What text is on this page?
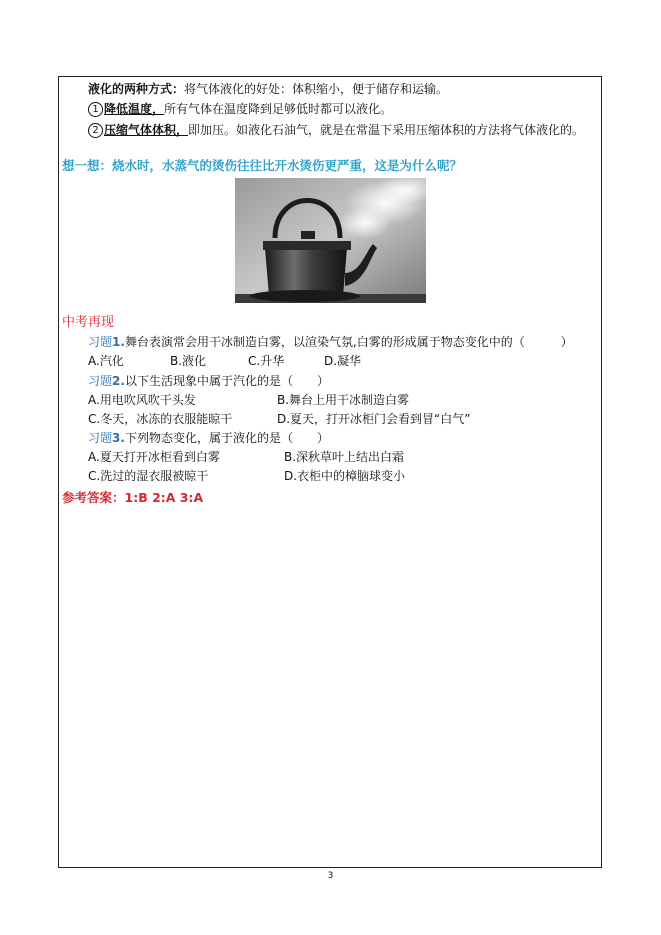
液化的两种方式：将气体液化的好处：体积缩小，便于储存和运输。
1 降低温度，所有气体在温度降到足够低时都可以液化。
2 压缩气体体积，即加压。如液化石油气，就是在常温下采用压缩体积的方法将气体液化的。
想一想：烧水时，水蒸气的烫伤往往比开水烫伤更严重，这是为什么呢？
中考再现
习题1.舞台表演常会用干冰制造白雾，以渲染气氛,白雾的形成属于物态变化中的（　　　）
A.汽化	B.液化	C.升华	D.凝华
习题2.以下生活现象中属于汽化的是（　　）
A.用电吹风吹干头发	B.舞台上用干冰制造白雾
C.冬天，冰冻的衣服能晾干	D.夏天，打开冰柜门会看到冒“白气”
习题3.下列物态变化，属于液化的是（　　）
A.夏天打开冰柜看到白雾	B.深秋草叶上结出白霜
C.洗过的湿衣服被晾干	D.衣柜中的樟脑球变小
参考答案：1:B 2:A 3:A
3
